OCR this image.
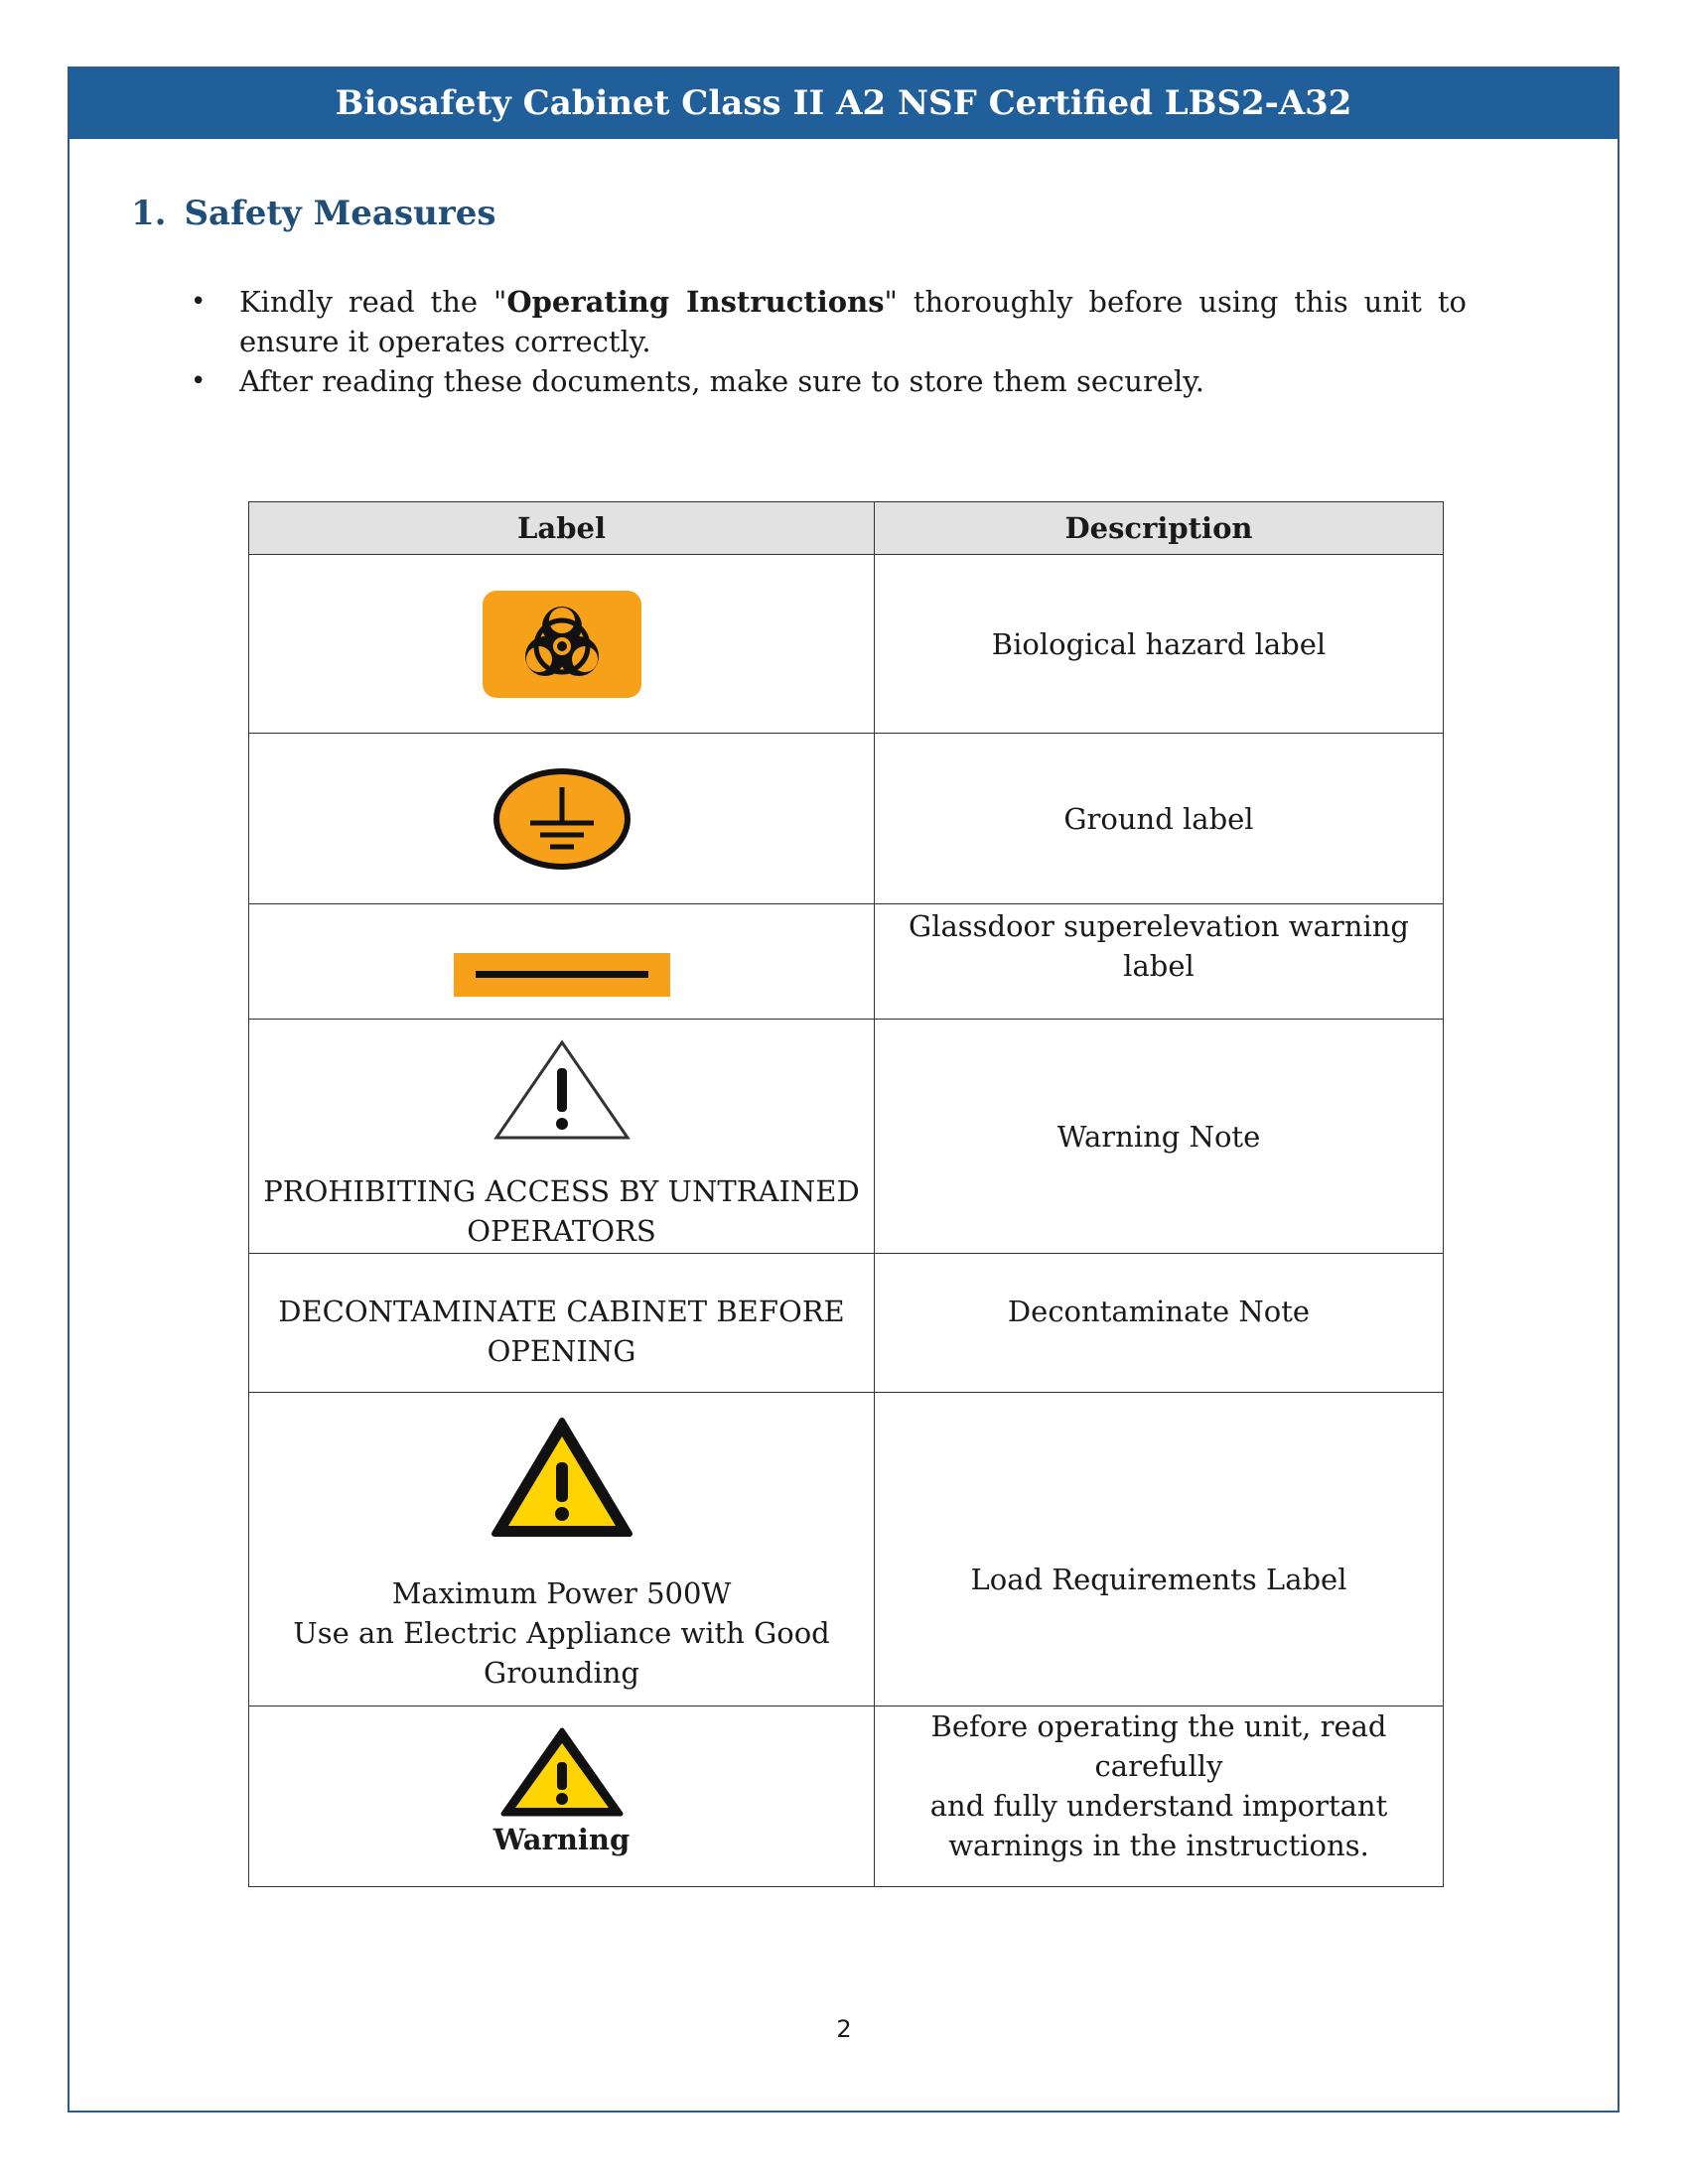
Biosafety Cabinet Class II A2 NSF Certified LBS2-A32
1. Safety Measures
• Kindly read the "Operating Instructions" thoroughly before using this unit to ensure it operates correctly.
• After reading these documents, make sure to store them securely.
Label	Description

	Biological hazard label

	Ground label

	Glassdoor superelevation warning label

PROHIBITING ACCESS BY UNTRAINED
OPERATORS	Warning Note

DECONTAMINATE CABINET BEFORE
OPENING	Decontaminate Note

Maximum Power 500W
Use an Electric Appliance with Good
Grounding	Load Requirements Label

Warning	Before operating the unit, read carefully
and fully understand important
warnings in the instructions.
2
